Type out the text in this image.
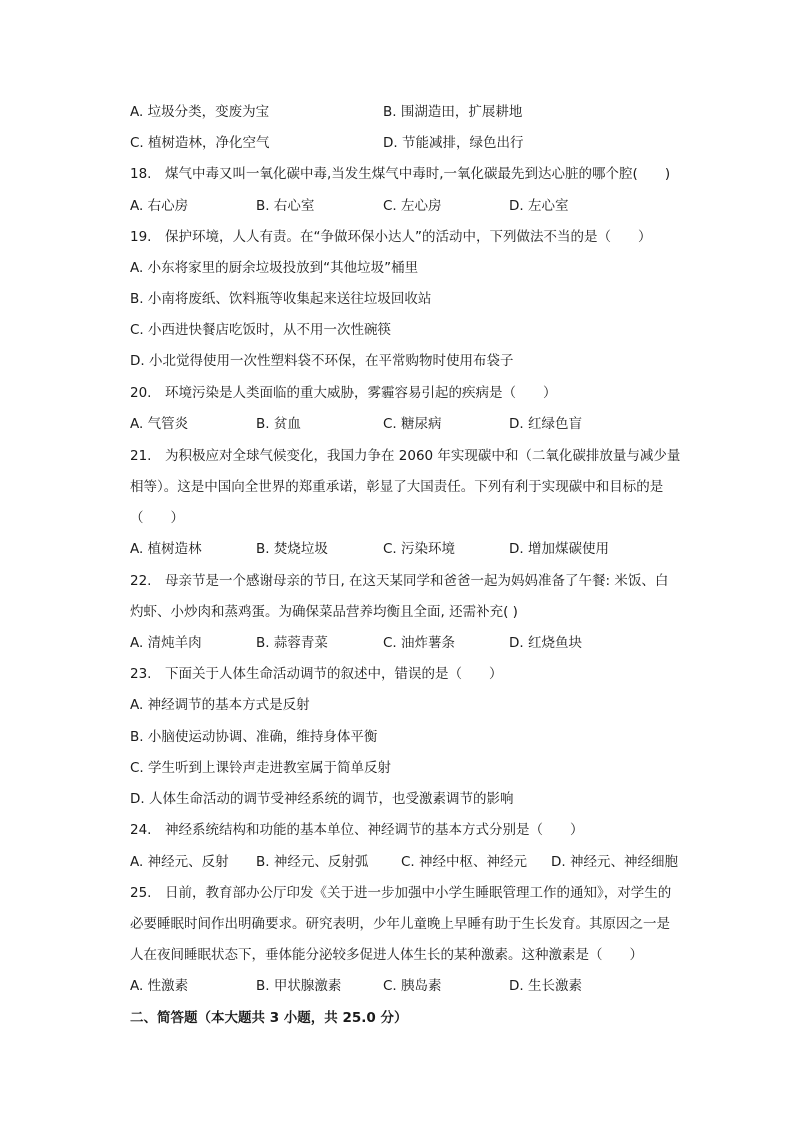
A. 垃圾分类，变废为宝	B. 围湖造田，扩展耕地
C. 植树造林，净化空气	D. 节能减排，绿色出行
18. 煤气中毒又叫一氧化碳中毒,当发生煤气中毒时,一氧化碳最先到达心脏的哪个腔(　　)
A. 右心房	B. 右心室	C. 左心房	D. 左心室
19. 保护环境，人人有责。在“争做环保小达人”的活动中，下列做法不当的是（　　）
A. 小东将家里的厨余垃圾投放到“其他垃圾”桶里
B. 小南将废纸、饮料瓶等收集起来送往垃圾回收站
C. 小西进快餐店吃饭时，从不用一次性碗筷
D. 小北觉得使用一次性塑料袋不环保，在平常购物时使用布袋子
20. 环境污染是人类面临的重大威胁，雾霾容易引起的疾病是（　　）
A. 气管炎	B. 贫血	C. 糖尿病	D. 红绿色盲
21. 为积极应对全球气候变化，我国力争在 2060 年实现碳中和（二氧化碳排放量与减少量
相等）。这是中国向全世界的郑重承诺，彰显了大国责任。下列有利于实现碳中和目标的是
（　　）
A. 植树造林	B. 焚烧垃圾	C. 污染环境	D. 增加煤碳使用
22. 母亲节是一个感谢母亲的节日, 在这天某同学和爸爸一起为妈妈准备了午餐: 米饭、白
灼虾、小炒肉和蒸鸡蛋。为确保菜品营养均衡且全面, 还需补充( )
A. 清炖羊肉	B. 蒜蓉青菜	C. 油炸薯条	D. 红烧鱼块
23. 下面关于人体生命活动调节的叙述中，错误的是（　　）
A. 神经调节的基本方式是反射
B. 小脑使运动协调、准确，维持身体平衡
C. 学生听到上课铃声走进教室属于简单反射
D. 人体生命活动的调节受神经系统的调节，也受激素调节的影响
24. 神经系统结构和功能的基本单位、神经调节的基本方式分别是（　　）
A. 神经元、反射 B. 神经元、反射弧 C. 神经中枢、神经元 D. 神经元、神经细胞
25. 日前，教育部办公厅印发《关于进一步加强中小学生睡眠管理工作的通知》，对学生的
必要睡眠时间作出明确要求。研究表明，少年儿童晚上早睡有助于生长发育。其原因之一是
人在夜间睡眠状态下，垂体能分泌较多促进人体生长的某种激素。这种激素是（　　）
A. 性激素	B. 甲状腺激素	C. 胰岛素	D. 生长激素
二、简答题（本大题共 3 小题，共 25.0 分）
